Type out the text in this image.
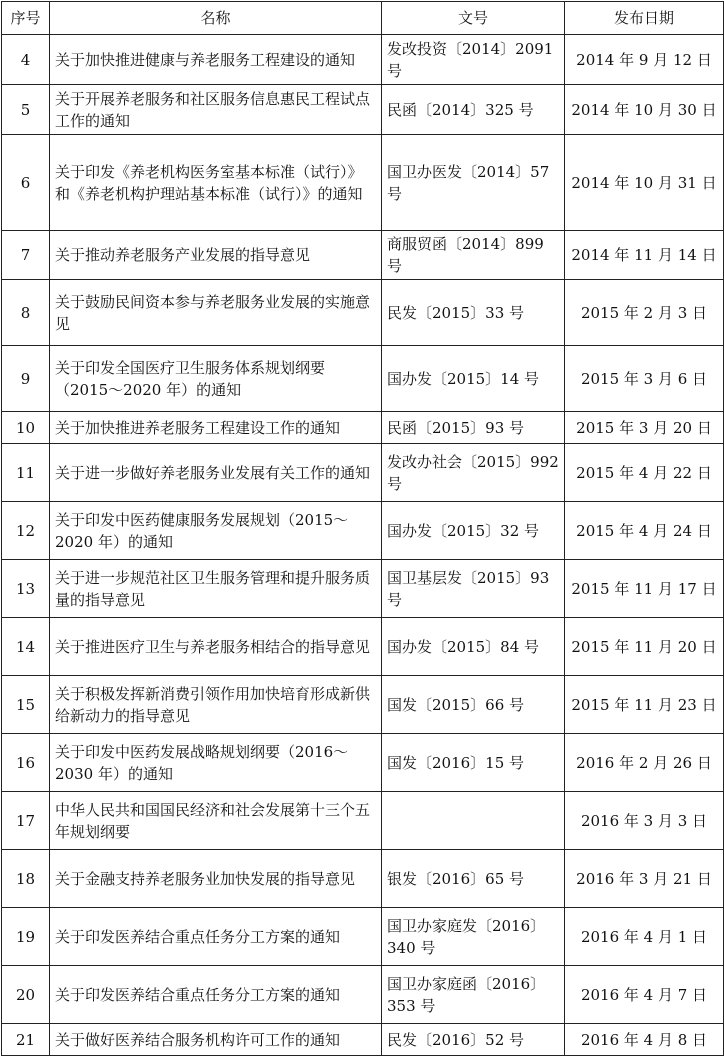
序号	名称	文号	发布日期
4	关于加快推进健康与养老服务工程建设的通知	发改投资〔2014〕2091 号	2014 年 9 月 12 日
5	关于开展养老服务和社区服务信息惠民工程试点工作的通知	民函〔2014〕325 号	2014 年 10 月 30 日
6	关于印发《养老机构医务室基本标准（试行）》和《养老机构护理站基本标准（试行）》的通知	国卫办医发〔2014〕57 号	2014 年 10 月 31 日
7	关于推动养老服务产业发展的指导意见	商服贸函〔2014〕899 号	2014 年 11 月 14 日
8	关于鼓励民间资本参与养老服务业发展的实施意见	民发〔2015〕33 号	2015 年 2 月 3 日
9	关于印发全国医疗卫生服务体系规划纲要（2015～2020 年）的通知	国办发〔2015〕14 号	2015 年 3 月 6 日
10	关于加快推进养老服务工程建设工作的通知	民函〔2015〕93 号	2015 年 3 月 20 日
11	关于进一步做好养老服务业发展有关工作的通知	发改办社会〔2015〕992 号	2015 年 4 月 22 日
12	关于印发中医药健康服务发展规划（2015～2020 年）的通知	国办发〔2015〕32 号	2015 年 4 月 24 日
13	关于进一步规范社区卫生服务管理和提升服务质量的指导意见	国卫基层发〔2015〕93 号	2015 年 11 月 17 日
14	关于推进医疗卫生与养老服务相结合的指导意见	国办发〔2015〕84 号	2015 年 11 月 20 日
15	关于积极发挥新消费引领作用加快培育形成新供给新动力的指导意见	国发〔2015〕66 号	2015 年 11 月 23 日
16	关于印发中医药发展战略规划纲要（2016～2030 年）的通知	国发〔2016〕15 号	2016 年 2 月 26 日
17	中华人民共和国国民经济和社会发展第十三个五年规划纲要		2016 年 3 月 3 日
18	关于金融支持养老服务业加快发展的指导意见	银发〔2016〕65 号	2016 年 3 月 21 日
19	关于印发医养结合重点任务分工方案的通知	国卫办家庭发〔2016〕340 号	2016 年 4 月 1 日
20	关于印发医养结合重点任务分工方案的通知	国卫办家庭函〔2016〕353 号	2016 年 4 月 7 日
21	关于做好医养结合服务机构许可工作的通知	民发〔2016〕52 号	2016 年 4 月 8 日
